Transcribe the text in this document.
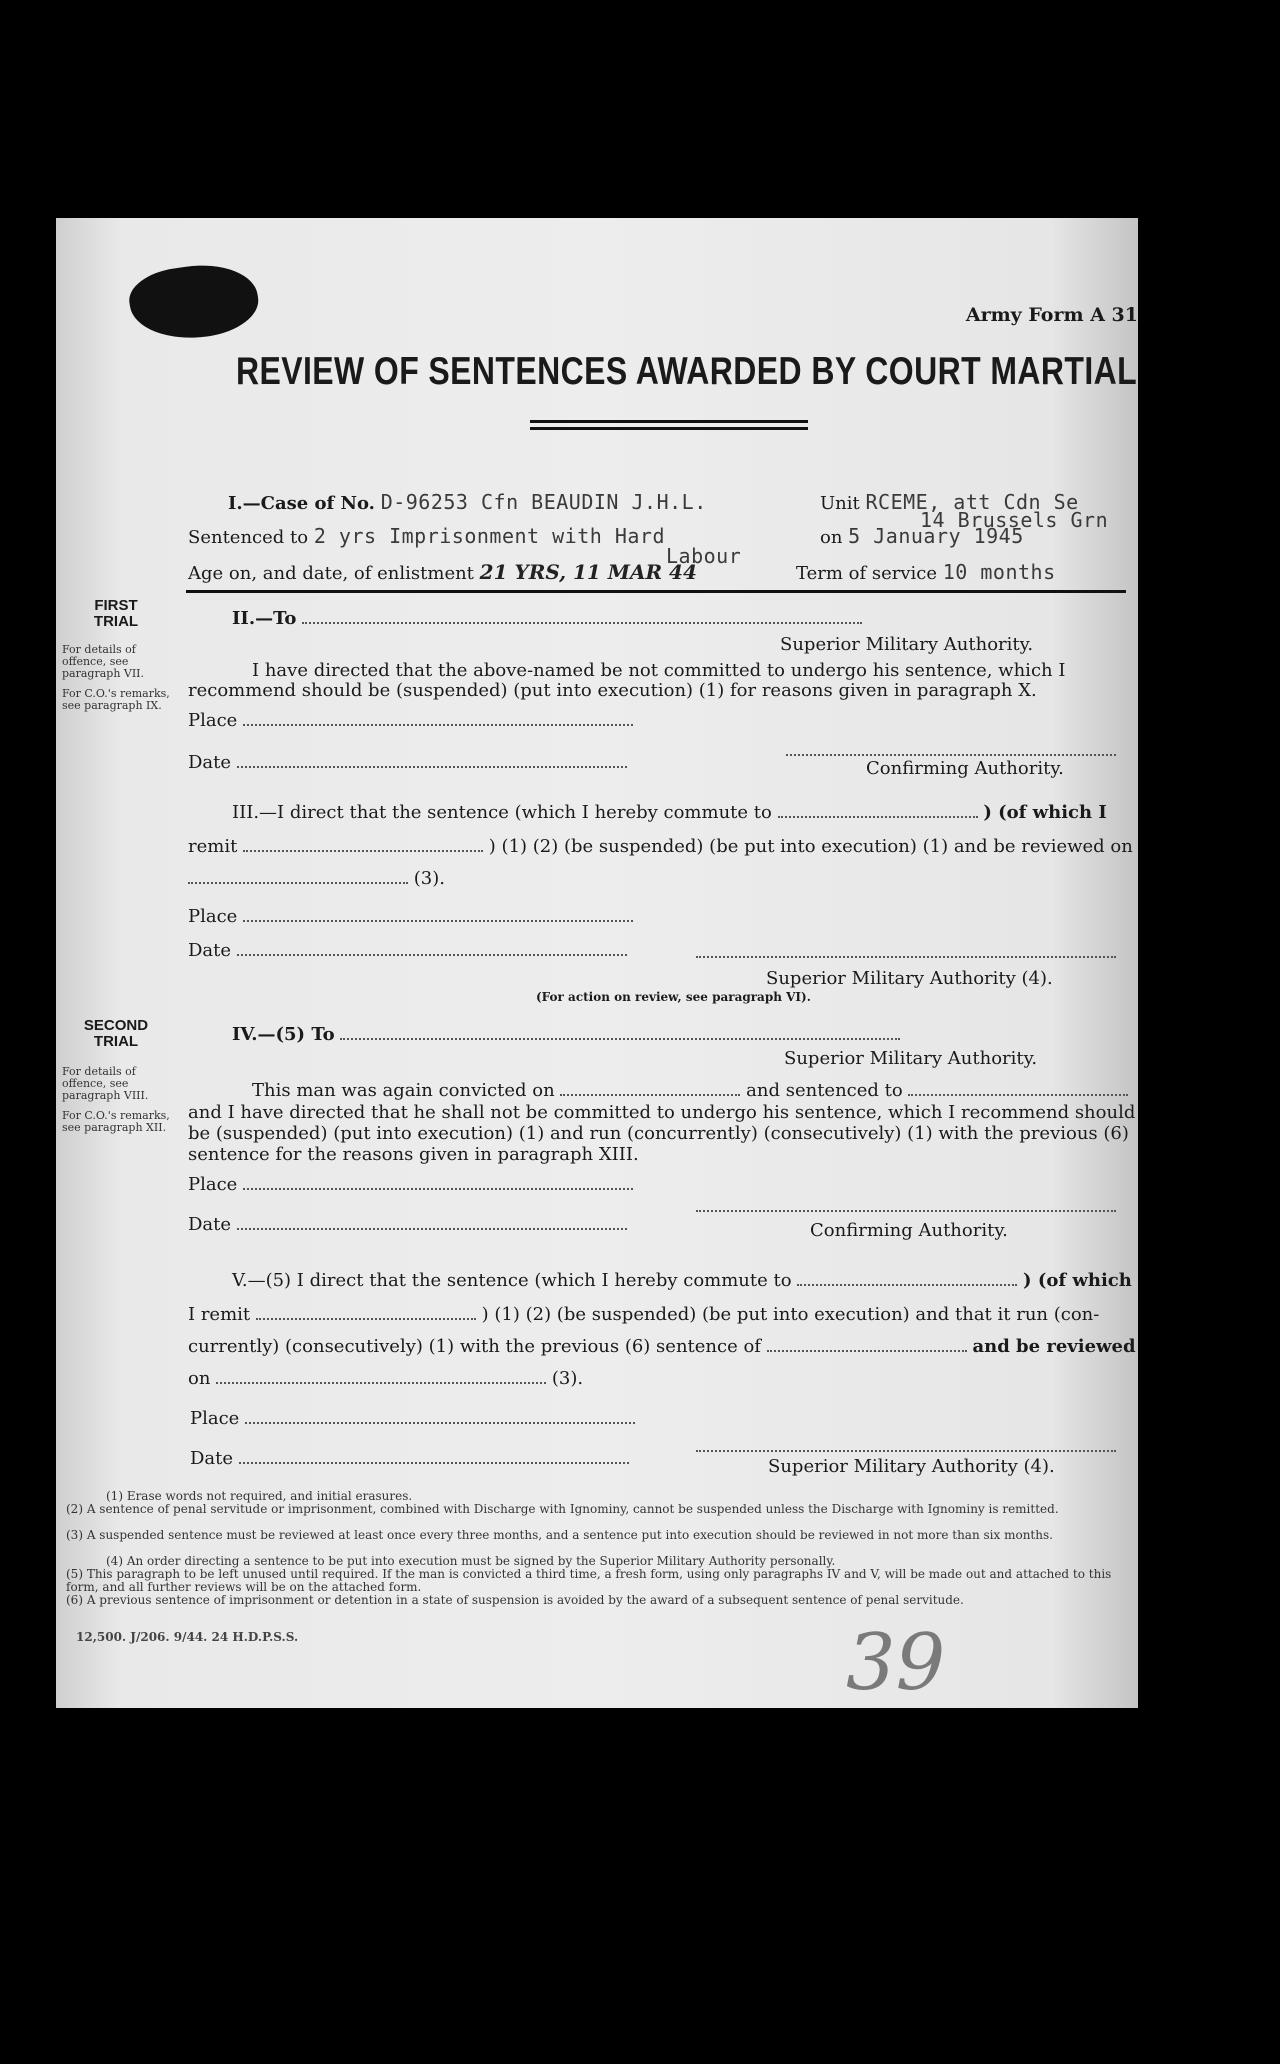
Army Form A 31
REVIEW OF SENTENCES AWARDED BY COURT MARTIAL
I.—Case of No. D-96253 Cfn BEAUDIN J.H.L.	Unit RCEME, att Cdn Se
14 Brussels Grn
Sentenced to 2 yrs Imprisonment with Hard
Labour
on 5 January 1945
Age on, and date, of enlistment 21 YRS, 11 MAR 44	Term of service 10 months
FIRST
TRIAL
For details of offence, see paragraph VII.
For C.O.'s remarks, see paragraph IX.
II.—To
Superior Military Authority.
I have directed that the above-named be not committed to undergo his sentence, which I
recommend should be (suspended) (put into execution) (1) for reasons given in paragraph X.
Place
Date	Confirming Authority.
III.—I direct that the sentence (which I hereby commute to	) (of which I
remit	) (1) (2) (be suspended) (be put into execution) (1) and be reviewed on
(3).
Place
Date
Superior Military Authority (4).
(For action on review, see paragraph VI).
SECOND
TRIAL
For details of offence, see paragraph VIII.
For C.O.'s remarks, see paragraph XII.
IV.—(5) To
Superior Military Authority.
This man was again convicted on	and sentenced to
and I have directed that he shall not be committed to undergo his sentence, which I recommend should
be (suspended) (put into execution) (1) and run (concurrently) (consecutively) (1) with the previous (6)
sentence for the reasons given in paragraph XIII.
Place
Date	Confirming Authority.
V.—(5) I direct that the sentence (which I hereby commute to	) (of which
I remit	) (1) (2) (be suspended) (be put into execution) and that it run (con-
currently) (consecutively) (1) with the previous (6) sentence of	and be reviewed
on	(3).
Place
Date	Superior Military Authority (4).
(1) Erase words not required, and initial erasures.
(2) A sentence of penal servitude or imprisonment, combined with Discharge with Ignominy, cannot be suspended unless the Discharge with Ignominy is remitted.
(3) A suspended sentence must be reviewed at least once every three months, and a sentence put into execution should be reviewed in not more than six months.
(4) An order directing a sentence to be put into execution must be signed by the Superior Military Authority personally.
(5) This paragraph to be left unused until required. If the man is convicted a third time, a fresh form, using only paragraphs IV and V, will be made out and attached to this form, and all further reviews will be on the attached form.
(6) A previous sentence of imprisonment or detention in a state of suspension is avoided by the award of a subsequent sentence of penal servitude.
12,500. J/206. 9/44. 24 H.D.P.S.S.	39
